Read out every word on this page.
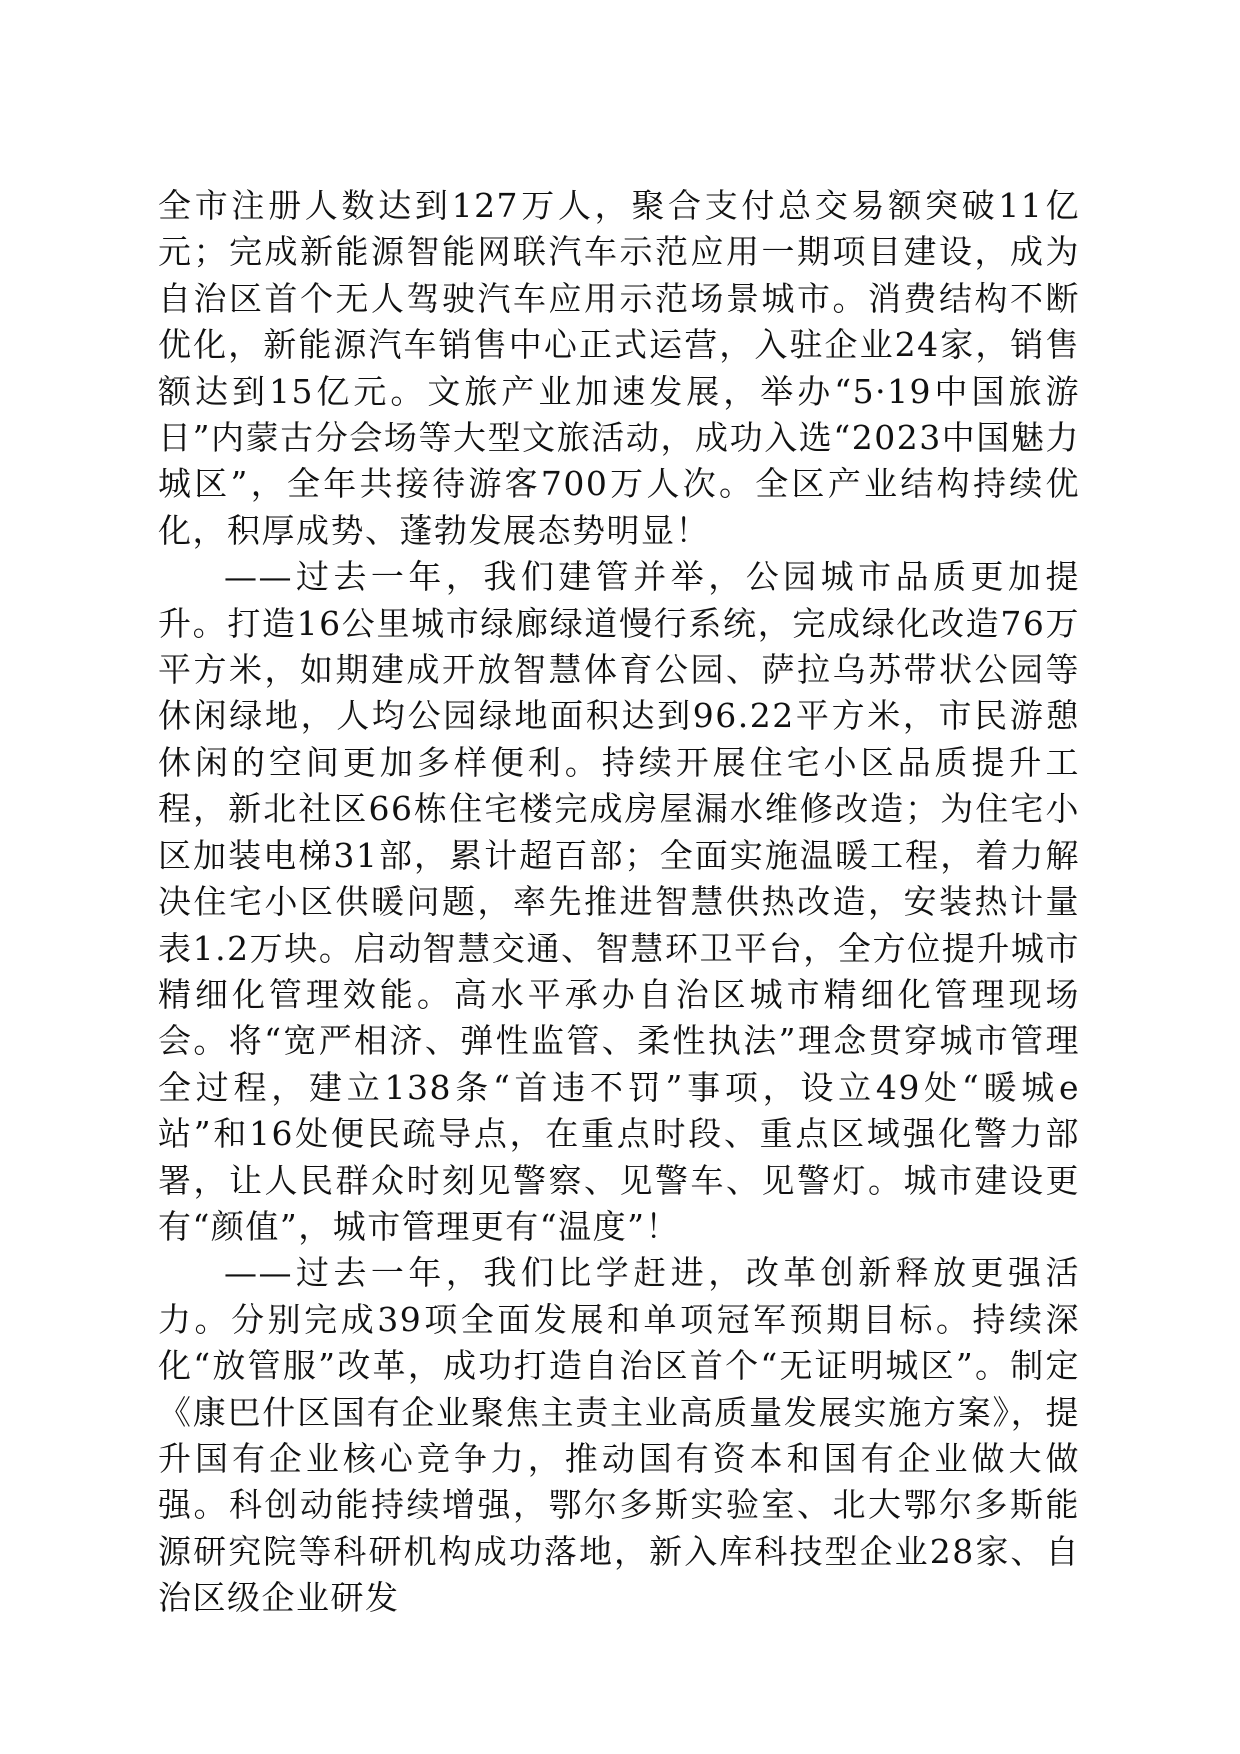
全市注册人数达到127万人，聚合支付总交易额突破11亿元；完成新能源智能网联汽车示范应用一期项目建设，成为自治区首个无人驾驶汽车应用示范场景城市。消费结构不断优化，新能源汽车销售中心正式运营，入驻企业24家，销售额达到15亿元。文旅产业加速发展，举办“5·19中国旅游日”内蒙古分会场等大型文旅活动，成功入选“2023中国魅力城区”，全年共接待游客700万人次。全区产业结构持续优化，积厚成势、蓬勃发展态势明显！

——过去一年，我们建管并举，公园城市品质更加提升。打造16公里城市绿廊绿道慢行系统，完成绿化改造76万平方米，如期建成开放智慧体育公园、萨拉乌苏带状公园等休闲绿地，人均公园绿地面积达到96.22平方米，市民游憩休闲的空间更加多样便利。持续开展住宅小区品质提升工程，新北社区66栋住宅楼完成房屋漏水维修改造；为住宅小区加装电梯31部，累计超百部；全面实施温暖工程，着力解决住宅小区供暖问题，率先推进智慧供热改造，安装热计量表1.2万块。启动智慧交通、智慧环卫平台，全方位提升城市精细化管理效能。高水平承办自治区城市精细化管理现场会。将“宽严相济、弹性监管、柔性执法”理念贯穿城市管理全过程，建立138条“首违不罚”事项，设立49处“暖城e站”和16处便民疏导点，在重点时段、重点区域强化警力部署，让人民群众时刻见警察、见警车、见警灯。城市建设更有“颜值”，城市管理更有“温度”！

——过去一年，我们比学赶进，改革创新释放更强活力。分别完成39项全面发展和单项冠军预期目标。持续深化“放管服”改革，成功打造自治区首个“无证明城区”。制定《康巴什区国有企业聚焦主责主业高质量发展实施方案》，提升国有企业核心竞争力，推动国有资本和国有企业做大做强。科创动能持续增强，鄂尔多斯实验室、北大鄂尔多斯能源研究院等科研机构成功落地，新入库科技型企业28家、自治区级企业研发
